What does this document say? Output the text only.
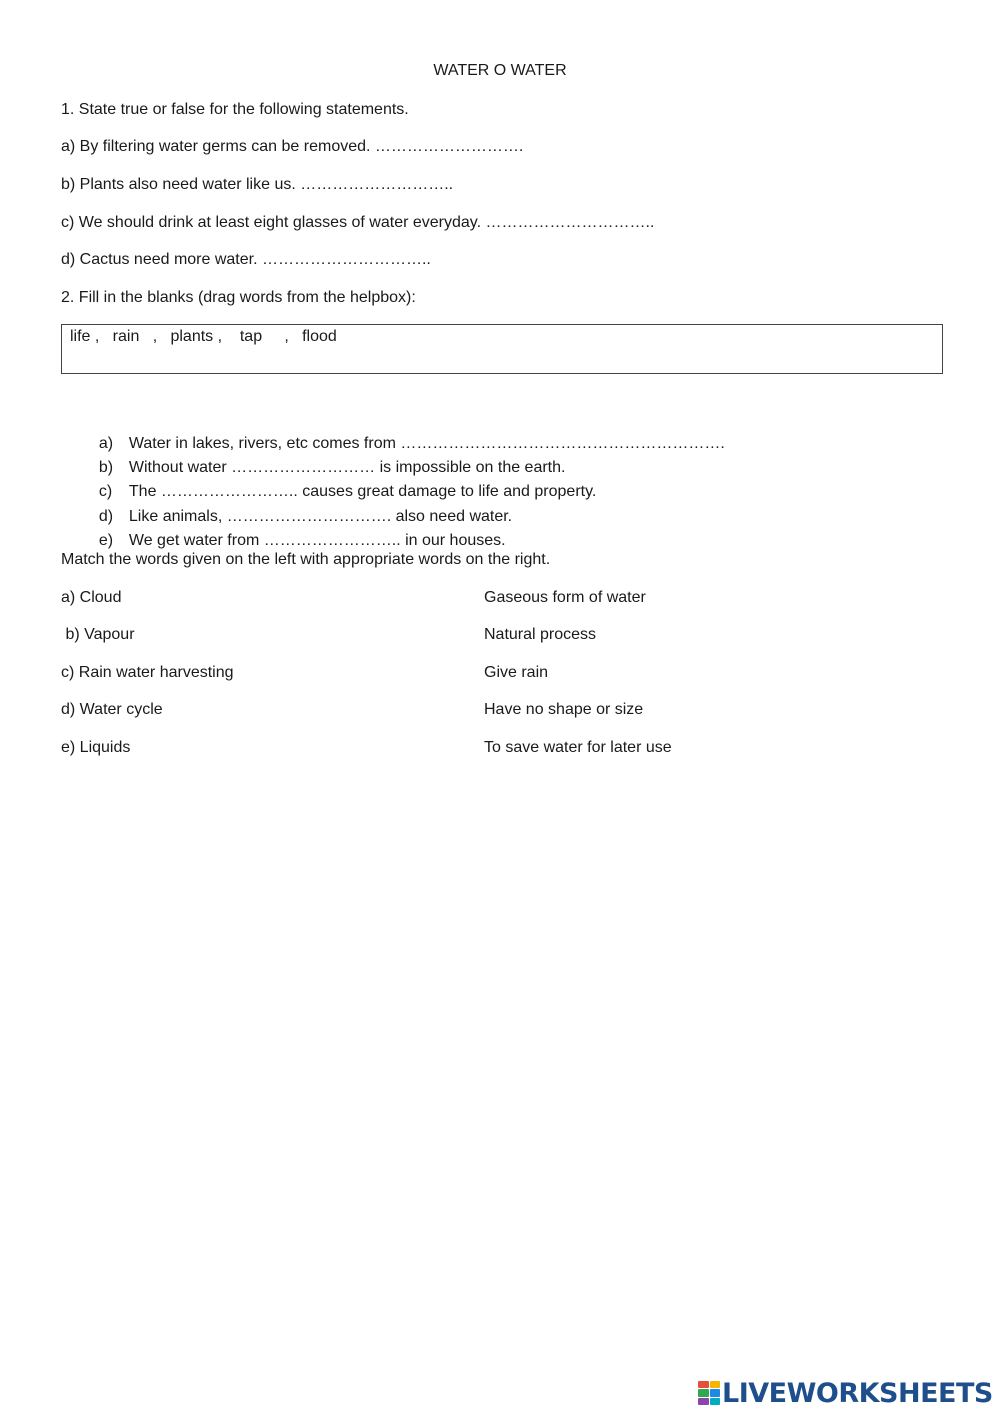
WATER O WATER
1. State true or false for the following statements.
a) By filtering water germs can be removed. ……………………….
b) Plants also need water like us. ………………………..
c) We should drink at least eight glasses of water everyday. …………………………..
d) Cactus need more water. …………………………..
2. Fill in the blanks (drag words from the helpbox):
life ,   rain   ,   plants ,    tap     ,   flood

a) Water in lakes, rivers, etc comes from …………………………………………………….

b) Without water ……………………… is impossible on the earth.

c) The …………………….. causes great damage to life and property.

d) Like animals, …………………………. also need water.

e) We get water from …………………….. in our houses.

Match the words given on the left with appropriate words on the right.
a) Cloud	Gaseous form of water
b) Vapour	Natural process
c) Rain water harvesting	Give rain
d) Water cycle	Have no shape or size
e) Liquids	To save water for later use
LIVEWORKSHEETS
